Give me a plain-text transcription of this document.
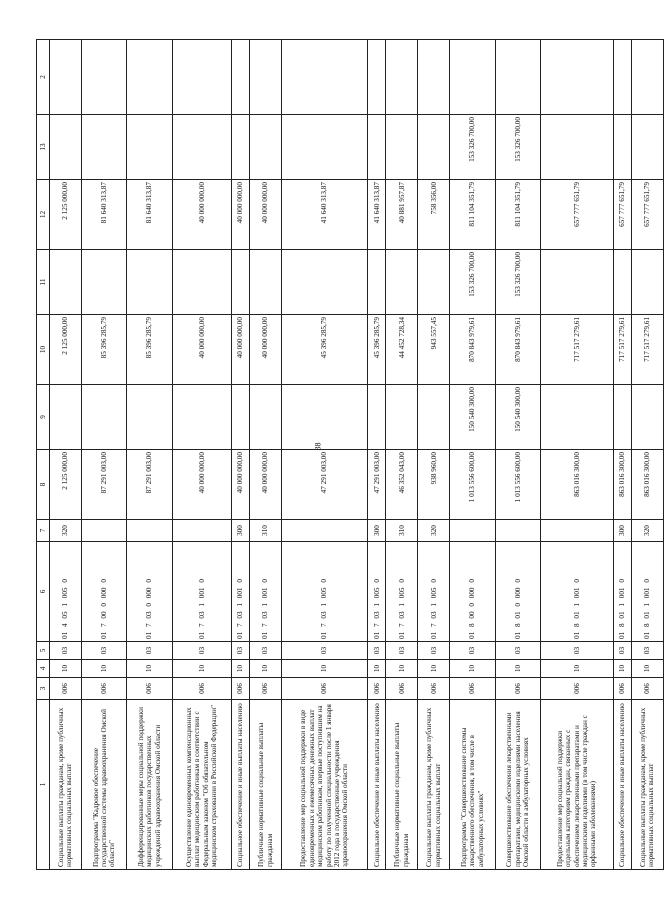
38
1	3	4	5	6	7	8	9	10	11	12	13	2
Социальные выплаты гражданам, кроме публичных нормативных социальных выплат	006	10	03	01 4 05 1 005 0	320	2 125 000,00		2 125 000,00		2 125 000,00		
Подпрограмма "Кадровое обеспечение государственной системы здравоохранения Омской области"	006	10	03	01 7 00 0 000 0		87 291 003,00		85 396 285,79		81 640 313,87		
Дифференцированные меры социальной поддержки медицинских работников государственных учреждений здравоохранения Омской области	006	10	03	01 7 03 0 000 0		87 291 003,00		85 396 285,79		81 640 313,87		
Осуществление единовременных компенсационных выплат медицинским работникам в соответствии с Федеральным законом "Об обязательном медицинском страховании в Российской Федерации"	006	10	03	01 7 03 1 001 0		40 000 000,00		40 000 000,00		40 000 000,00		
Социальное обеспечение и иные выплаты населению	006	10	03	01 7 03 1 001 0	300	40 000 000,00		40 000 000,00		40 000 000,00		
Публичные нормативные социальные выплаты гражданам	006	10	03	01 7 03 1 001 0	310	40 000 000,00		40 000 000,00		40 000 000,00		
Предоставление мер социальной поддержки в виде единовременных и ежемесячных денежных выплат медицинским работникам, впервые поступившим на работу по полученной специальности после 1 января 2012 года в государственные учреждения здравоохранения Омской области	006	10	03	01 7 03 1 005 0		47 291 003,00		45 396 285,79		41 640 313,87		
Социальное обеспечение и иные выплаты населению	006	10	03	01 7 03 1 005 0	300	47 291 003,00		45 396 285,79		41 640 313,87		
Публичные нормативные социальные выплаты гражданам	006	10	03	01 7 03 1 005 0	310	46 352 043,00		44 452 728,34		40 881 957,87		
Социальные выплаты гражданам, кроме публичных нормативных социальных выплат	006	10	03	01 7 03 1 005 0	320	938 960,00		943 557,45		758 356,00		
Подпрограмма "Совершенствование системы лекарственного обеспечения, в том числе в амбулаторных условиях"	006	10	03	01 8 00 0 000 0		1 013 556 600,00	150 540 300,00	870 843 979,61	153 326 700,00	811 104 351,79	153 326 700,00	
Совершенствование обеспечения лекарственными препаратами, медицинскими изделиями населения Омской области в амбулаторных условиях	006	10	03	01 8 01 0 000 0		1 013 556 600,00	150 540 300,00	870 843 979,61	153 326 700,00	811 104 351,79	153 326 700,00	
Предоставление мер социальной поддержки отдельным категориям граждан, связанных с обеспечением лекарственными препаратами и медицинскими изделиями (в том числе граждан с орфанными заболеваниями)	006	10	03	01 8 01 1 001 0		863 016 300,00		717 517 279,61		657 777 651,79		
Социальное обеспечение и иные выплаты населению	006	10	03	01 8 01 1 001 0	300	863 016 300,00		717 517 279,61		657 777 651,79		
Социальные выплаты гражданам, кроме публичных нормативных социальных выплат	006	10	03	01 8 01 1 001 0	320	863 016 300,00		717 517 279,61		657 777 651,79		
